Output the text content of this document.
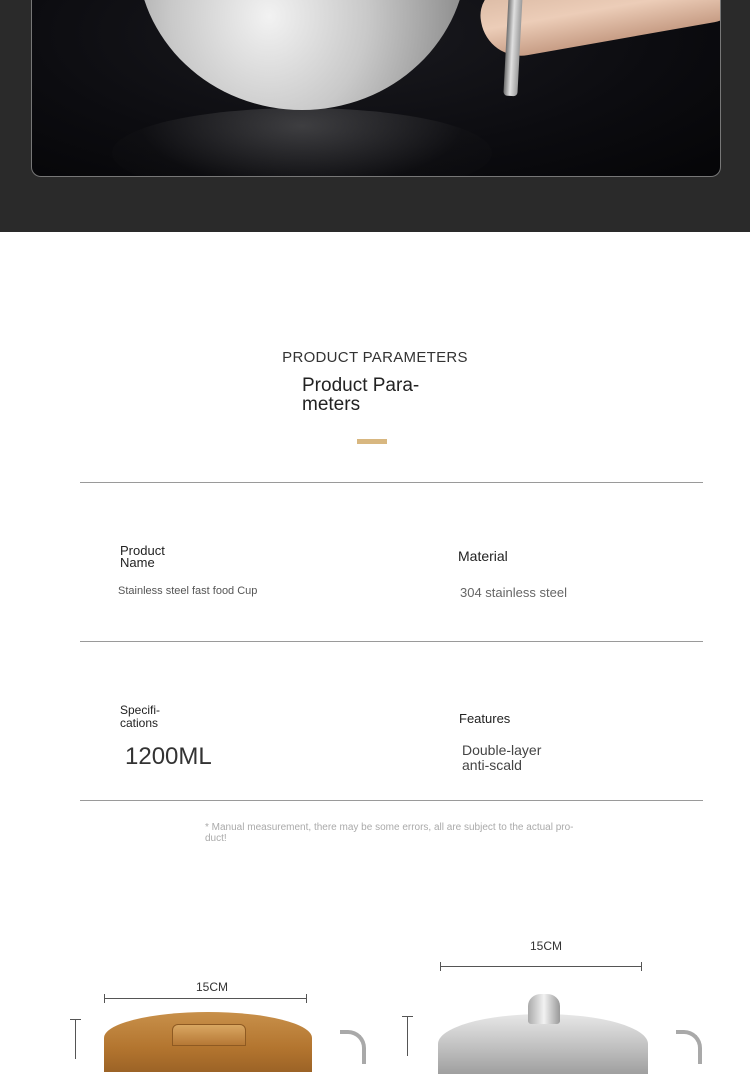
PRODUCT PARAMETERS
Product Para- meters
Product Name
Stainless steel fast food Cup
Material
304 stainless steel
Specifi- cations
1200ML
Features
Double-layer
anti-scald
* Manual measurement, there may be some errors, all are subject to the actual pro- duct!
15CM
15CM
